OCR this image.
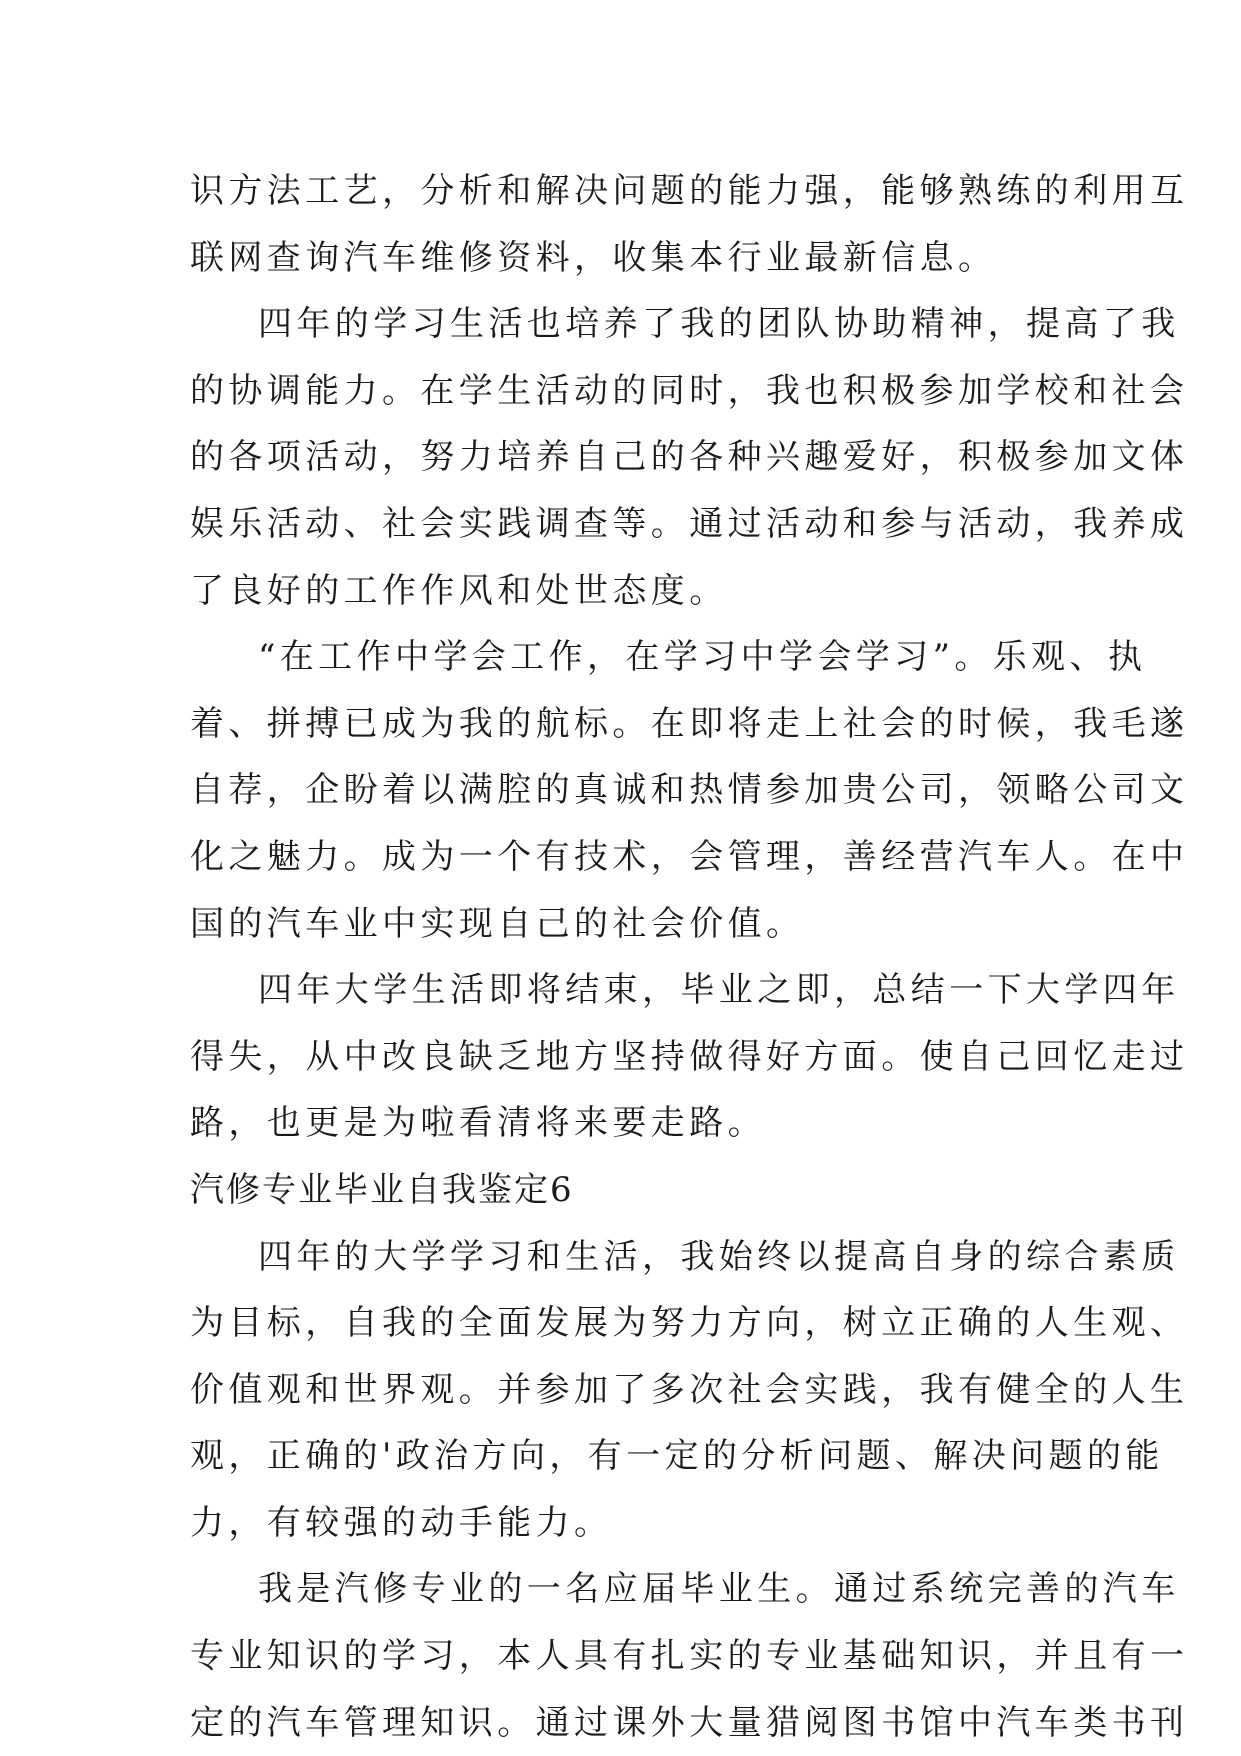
识方法工艺，分析和解决问题的能力强，能够熟练的利用互
联网查询汽车维修资料，收集本行业最新信息。
四年的学习生活也培养了我的团队协助精神，提高了我
的协调能力。在学生活动的同时，我也积极参加学校和社会
的各项活动，努力培养自己的各种兴趣爱好，积极参加文体
娱乐活动、社会实践调查等。通过活动和参与活动，我养成
了良好的工作作风和处世态度。
“在工作中学会工作，在学习中学会学习”。乐观、执
着、拼搏已成为我的航标。在即将走上社会的时候，我毛遂
自荐，企盼着以满腔的真诚和热情参加贵公司，领略公司文
化之魅力。成为一个有技术，会管理，善经营汽车人。在中
国的汽车业中实现自己的社会价值。
四年大学生活即将结束，毕业之即，总结一下大学四年
得失，从中改良缺乏地方坚持做得好方面。使自己回忆走过
路，也更是为啦看清将来要走路。
汽修专业毕业自我鉴定6
四年的大学学习和生活，我始终以提高自身的综合素质
为目标，自我的全面发展为努力方向，树立正确的人生观、
价值观和世界观。并参加了多次社会实践，我有健全的人生
观，正确的'政治方向，有一定的分析问题、解决问题的能
力，有较强的动手能力。
我是汽修专业的一名应届毕业生。通过系统完善的汽车
专业知识的学习，本人具有扎实的专业基础知识，并且有一
定的汽车管理知识。通过课外大量猎阅图书馆中汽车类书刊
